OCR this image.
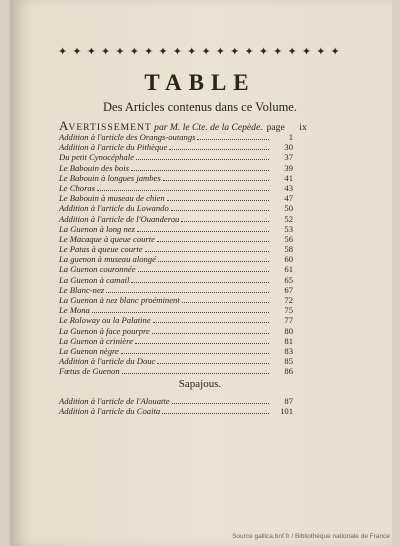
✦ ✦ ✦ ✦ ✦ ✦ ✦ ✦ ✦ ✦ ✦ ✦ ✦ ✦ ✦ ✦ ✦ ✦ ✦ ✦
TABLE
Des Articles contenus dans ce Volume.
AVERTISSEMENT par M. le Cte. de la Cepède. page	ix
Addition à l'article des Orangs-outangs	1
Addition à l'article du Pithèque	30
Du petit Cynocéphale	37
Le Babouin des bois	39
Le Babouin à longues jambes	41
Le Choras	43
Le Babouin à museau de chien	47
Addition à l'article du Lowando	50
Addition à l'article de l'Ouanderou	52
La Guenon à long nez	53
Le Macaque à queue courte	56
Le Patas à queue courte	58
La guenon à museau alongé	60
La Guenon couronnée	61
La Guenon à camail	65
Le Blanc-nez	67
La Guenon à nez blanc proéminent	72
Le Mona	75
Le Roloway ou la Palatine	77
La Guenon à face pourpre	80
La Guenon à crinière	81
La Guenon nègre	83
Addition à l'article du Douc	85
Fœtus de Guenon	86
Sapajous.
Addition à l'article de l'Alouatte	87
Addition à l'article du Coaita	101
Source gallica.bnf.fr / Bibliothèque nationale de France
